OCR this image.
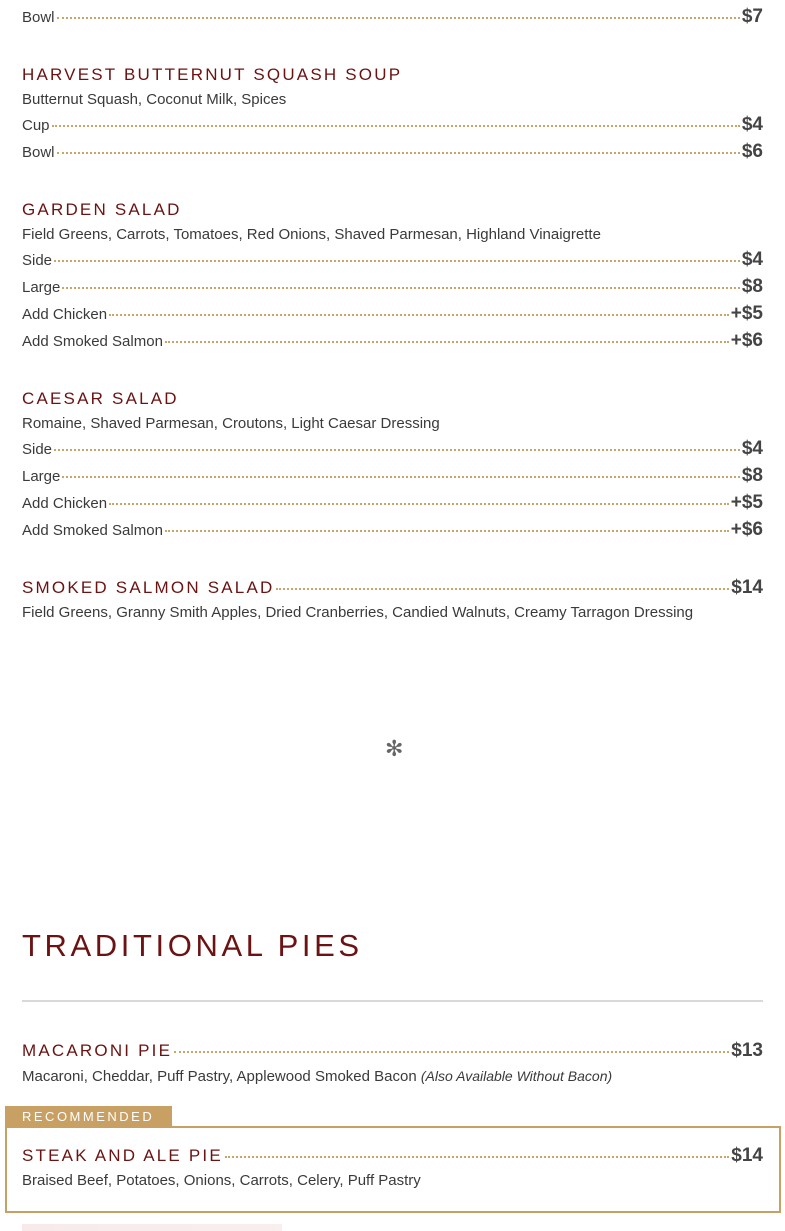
Bowl	$7
HARVEST BUTTERNUT SQUASH SOUP
Butternut Squash, Coconut Milk, Spices
Cup	$4
Bowl	$6
GARDEN SALAD
Field Greens, Carrots, Tomatoes, Red Onions, Shaved Parmesan, Highland Vinaigrette
Side	$4
Large	$8
Add Chicken	+$5
Add Smoked Salmon	+$6
CAESAR SALAD
Romaine, Shaved Parmesan, Croutons, Light Caesar Dressing
Side	$4
Large	$8
Add Chicken	+$5
Add Smoked Salmon	+$6
SMOKED SALMON SALAD	$14
Field Greens, Granny Smith Apples, Dried Cranberries, Candied Walnuts, Creamy Tarragon Dressing
✻
TRADITIONAL PIES
MACARONI PIE	$13
Macaroni, Cheddar, Puff Pastry, Applewood Smoked Bacon (Also Available Without Bacon)
RECOMMENDED
STEAK AND ALE PIE	$14
Braised Beef, Potatoes, Onions, Carrots, Celery, Puff Pastry
